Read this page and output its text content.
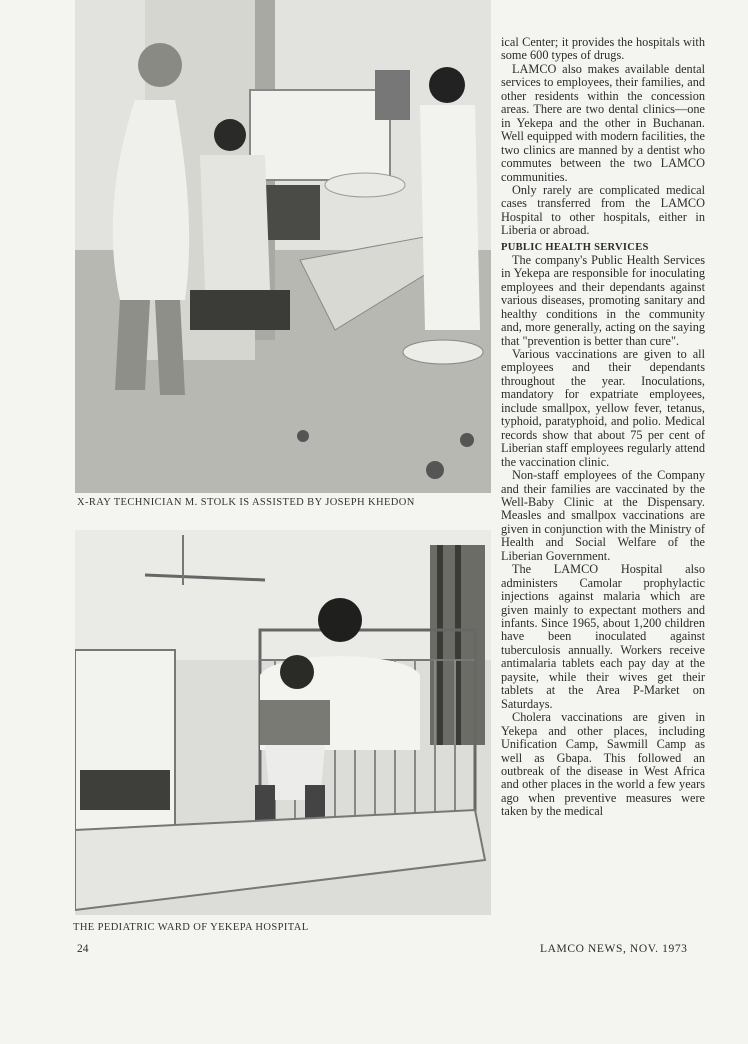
X-RAY TECHNICIAN M. STOLK IS ASSISTED BY JOSEPH KHEDON
THE PEDIATRIC WARD OF YEKEPA HOSPITAL

ical Center; it provides the hospitals with some 600 types of drugs.

LAMCO also makes available dental services to employees, their families, and other residents within the concession areas. There are two dental clinics—one in Yekepa and the other in Buchanan. Well equipped with modern facilities, the two clinics are manned by a dentist who commutes between the two LAMCO communities.

Only rarely are complicated medical cases transferred from the LAMCO Hospital to other hospitals, either in Liberia or abroad.

PUBLIC HEALTH SERVICES

The company's Public Health Services in Yekepa are responsible for inoculating employees and their dependants against various diseases, promoting sanitary and healthy conditions in the community and, more generally, acting on the saying that "prevention is better than cure".

Various vaccinations are given to all employees and their dependants throughout the year. Inoculations, mandatory for expatriate employees, include smallpox, yellow fever, tetanus, typhoid, paratyphoid, and polio. Medical records show that about 75 per cent of Liberian staff employees regularly attend the vaccination clinic.

Non-staff employees of the Company and their families are vaccinated by the Well-Baby Clinic at the Dispensary. Measles and smallpox vaccinations are given in conjunction with the Ministry of Health and Social Welfare of the Liberian Government.

The LAMCO Hospital also administers Camolar prophylactic injections against malaria which are given mainly to expectant mothers and infants. Since 1965, about 1,200 children have been inoculated against tuberculosis annually. Workers receive antimalaria tablets each pay day at the paysite, while their wives get their tablets at the Area P-Market on Saturdays.

Cholera vaccinations are given in Yekepa and other places, including Unification Camp, Sawmill Camp as well as Gbapa. This followed an outbreak of the disease in West Africa and other places in the world a few years ago when preventive measures were taken by the medical

24	LAMCO NEWS, NOV. 1973
